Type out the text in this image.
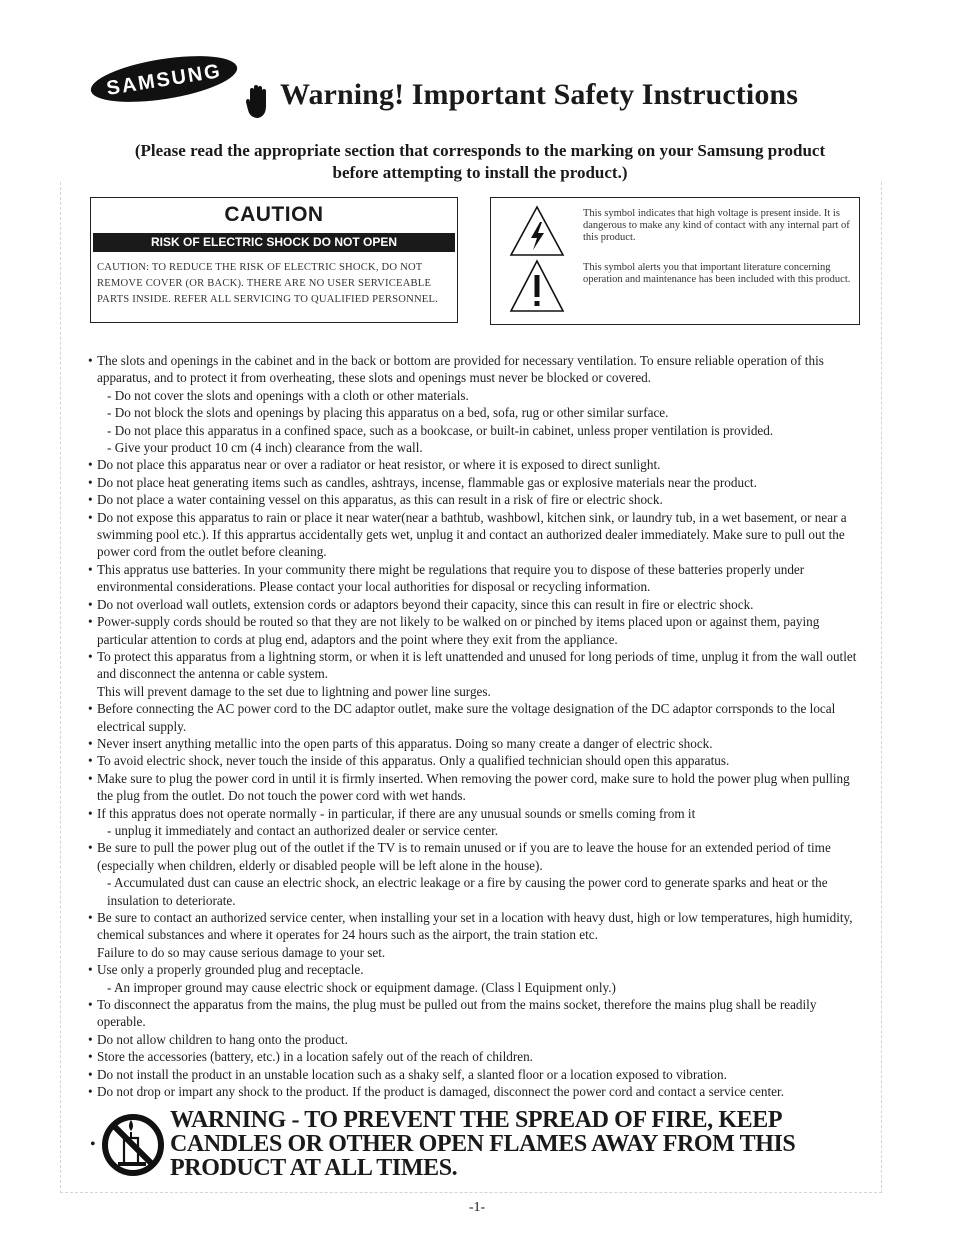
SAMSUNG Warning! Important Safety Instructions
(Please read the appropriate section that corresponds to the marking on your Samsung product
before attempting to install the product.)
CAUTION
RISK OF ELECTRIC SHOCK DO NOT OPEN
CAUTION: TO REDUCE THE RISK OF ELECTRIC SHOCK, DO NOT REMOVE COVER (OR BACK). THERE ARE NO USER SERVICEABLE PARTS INSIDE. REFER ALL SERVICING TO QUALIFIED PERSONNEL.
This symbol indicates that high voltage is present inside. It is dangerous to make any kind of contact with any internal part of this product.
This symbol alerts you that important literature concerning operation and maintenance has been included with this product.
• The slots and openings in the cabinet and in the back or bottom are provided for necessary ventilation. To ensure reliable operation of this apparatus, and to protect it from overheating, these slots and openings must never be blocked or covered.
- Do not cover the slots and openings with a cloth or other materials.
- Do not block the slots and openings by placing this apparatus on a bed, sofa, rug or other similar surface.
- Do not place this apparatus in a confined space, such as a bookcase, or built-in cabinet, unless proper ventilation is provided.
- Give your product 10 cm (4 inch) clearance from the wall.
• Do not place this apparatus near or over a radiator or heat resistor, or where it is exposed to direct sunlight.
• Do not place heat generating items such as candles, ashtrays, incense, flammable gas or explosive materials near the product.
• Do not place a water containing vessel on this apparatus, as this can result in a risk of fire or electric shock.
• Do not expose this apparatus to rain or place it near water(near a bathtub, washbowl, kitchen sink, or laundry tub, in a wet basement, or near a swimming pool etc.). If this apprartus accidentally gets wet, unplug it and contact an authorized dealer immediately. Make sure to pull out the power cord from the outlet before cleaning.
• This appratus use batteries. In your community there might be regulations that require you to dispose of these batteries properly under environmental considerations. Please contact your local authorities for disposal or recycling information.
• Do not overload wall outlets, extension cords or adaptors beyond their capacity, since this can result in fire or electric shock.
• Power-supply cords should be routed so that they are not likely to be walked on or pinched by items placed upon or against them, paying particular attention to cords at plug end, adaptors and the point where they exit from the appliance.
• To protect this apparatus from a lightning storm, or when it is left unattended and unused for long periods of time, unplug it from the wall outlet and disconnect the antenna or cable system.
This will prevent damage to the set due to lightning and power line surges.
• Before connecting the AC power cord to the DC adaptor outlet, make sure the voltage designation of the DC adaptor corrsponds to the local electrical supply.
• Never insert anything metallic into the open parts of this apparatus. Doing so many create a danger of electric shock.
• To avoid electric shock, never touch the inside of this apparatus. Only a qualified technician should open this apparatus.
• Make sure to plug the power cord in until it is firmly inserted. When removing the power cord, make sure to hold the power plug when pulling the plug from the outlet. Do not touch the power cord with wet hands.
• If this appratus does not operate normally - in particular, if there are any unusual sounds or smells coming from it
- unplug it immediately and contact an authorized dealer or service center.
• Be sure to pull the power plug out of the outlet if the TV is to remain unused or if you are to leave the house for an extended period of time (especially when children, elderly or disabled people will be left alone in the house).
- Accumulated dust can cause an electric shock, an electric leakage or a fire by causing the power cord to generate sparks and heat or the insulation to deteriorate.
• Be sure to contact an authorized service center, when installing your set in a location with heavy dust, high or low temperatures, high humidity, chemical substances and where it operates for 24 hours such as the airport, the train station etc.
Failure to do so may cause serious damage to your set.
• Use only a properly grounded plug and receptacle.
- An improper ground may cause electric shock or equipment damage. (Class l Equipment only.)
• To disconnect the apparatus from the mains, the plug must be pulled out from the mains socket, therefore the mains plug shall be readily operable.
• Do not allow children to hang onto the product.
• Store the accessories (battery, etc.) in a location safely out of the reach of children.
• Do not install the product in an unstable location such as a shaky self, a slanted floor or a location exposed to vibration.
• Do not drop or impart any shock to the product. If the product is damaged, disconnect the power cord and contact a service center.
•
WARNING - TO PREVENT THE SPREAD OF FIRE, KEEP
CANDLES OR OTHER OPEN FLAMES AWAY FROM THIS
PRODUCT AT ALL TIMES.
-1-
